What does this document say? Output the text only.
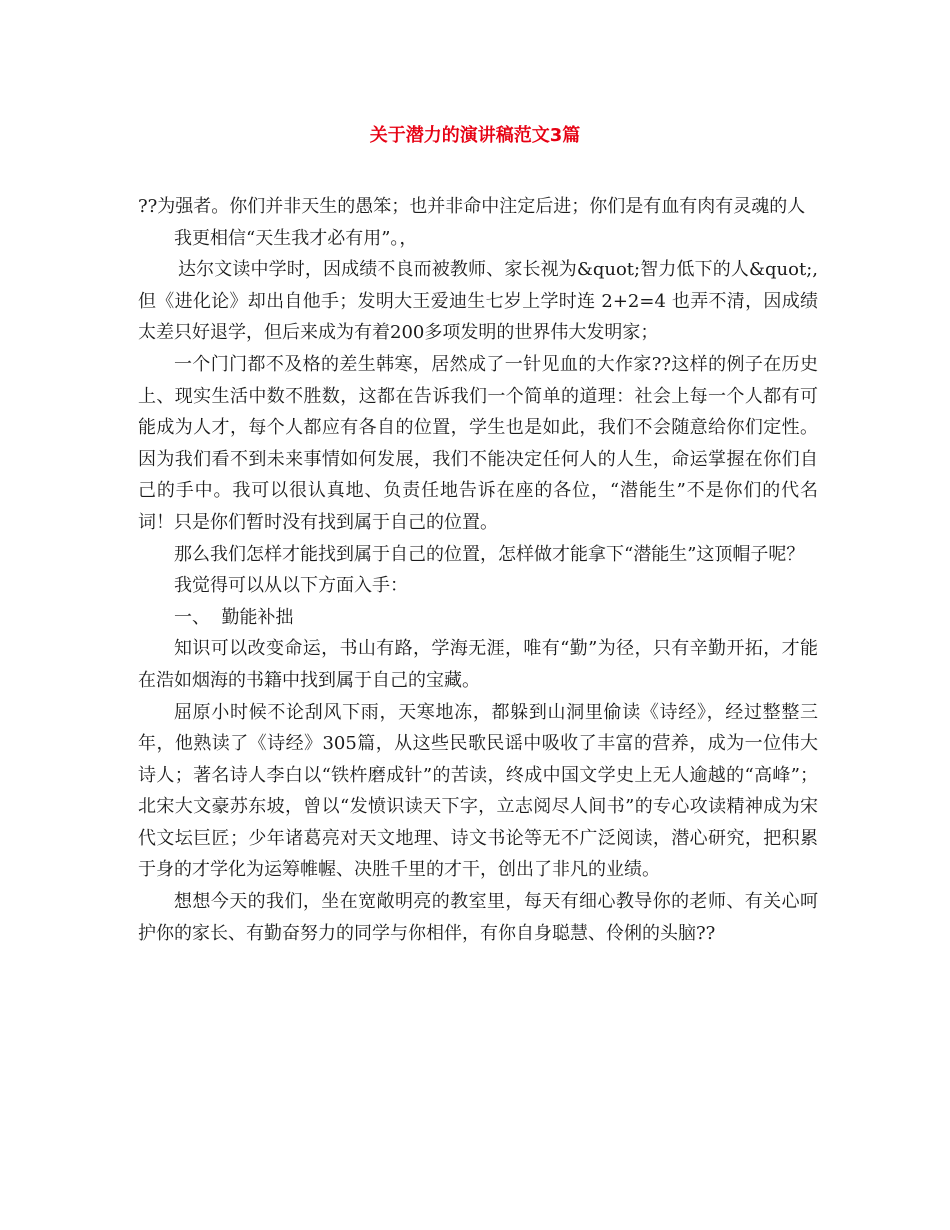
关于潜力的演讲稿范文3篇

??为强者。你们并非天生的愚笨；也并非命中注定后进；你们是有血有肉有灵魂的人

我更相信“天生我才必有用”。，

达尔文读中学时，因成绩不良而被教师、家长视为&quot;智力低下的人&quot;,但《进化论》却出自他手；发明大王爱迪生七岁上学时连 2+2=4 也弄不清，因成绩太差只好退学，但后来成为有着200多项发明的世界伟大发明家；

一个门门都不及格的差生韩寒，居然成了一针见血的大作家??这样的例子在历史上、现实生活中数不胜数，这都在告诉我们一个简单的道理：社会上每一个人都有可能成为人才，每个人都应有各自的位置，学生也是如此，我们不会随意给你们定性。因为我们看不到未来事情如何发展，我们不能决定任何人的人生，命运掌握在你们自己的手中。我可以很认真地、负责任地告诉在座的各位，“潜能生”不是你们的代名词！只是你们暂时没有找到属于自己的位置。

那么我们怎样才能找到属于自己的位置，怎样做才能拿下“潜能生”这顶帽子呢？

我觉得可以从以下方面入手：

一、  勤能补拙

知识可以改变命运，书山有路，学海无涯，唯有“勤”为径，只有辛勤开拓，才能在浩如烟海的书籍中找到属于自己的宝藏。

屈原小时候不论刮风下雨，天寒地冻，都躲到山洞里偷读《诗经》，经过整整三年，他熟读了《诗经》305篇，从这些民歌民谣中吸收了丰富的营养，成为一位伟大诗人；著名诗人李白以“铁杵磨成针”的苦读，终成中国文学史上无人逾越的“高峰”；北宋大文豪苏东坡，曾以“发愤识读天下字，立志阅尽人间书”的专心攻读精神成为宋代文坛巨匠；少年诸葛亮对天文地理、诗文书论等无不广泛阅读，潜心研究，把积累于身的才学化为运筹帷幄、决胜千里的才干，创出了非凡的业绩。

想想今天的我们，坐在宽敞明亮的教室里，每天有细心教导你的老师、有关心呵护你的家长、有勤奋努力的同学与你相伴，有你自身聪慧、伶俐的头脑??
